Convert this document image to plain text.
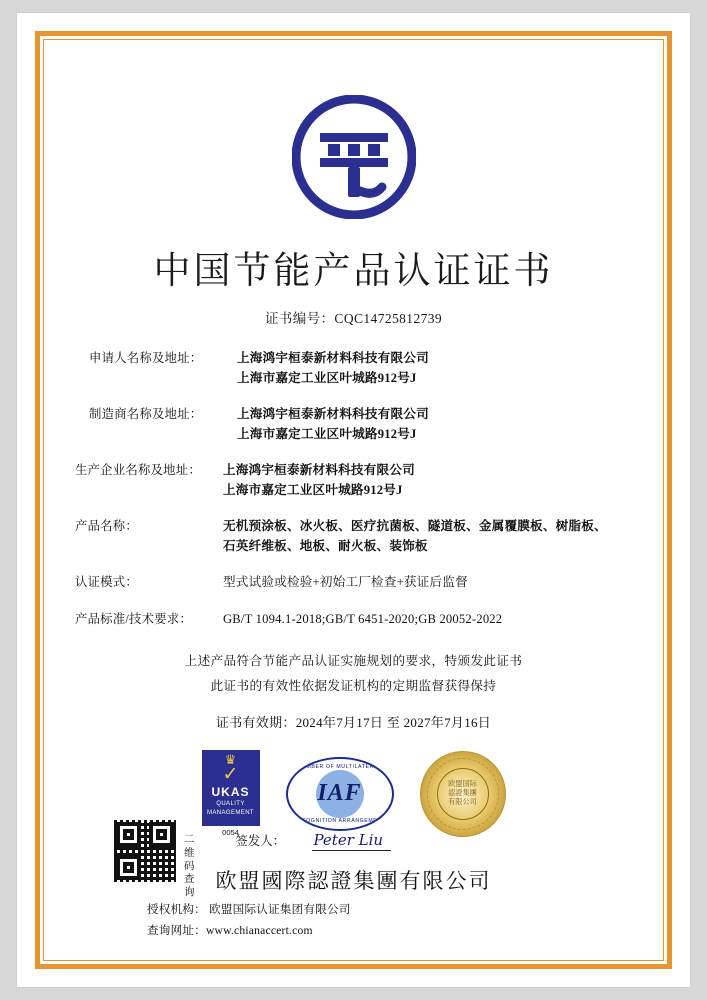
中国节能产品认证证书
证书编号：CQC14725812739
申请人名称及地址：	上海鸿宇桓泰新材料科技有限公司
上海市嘉定工业区叶城路912号J
制造商名称及地址：	上海鸿宇桓泰新材料科技有限公司
上海市嘉定工业区叶城路912号J
生产企业名称及地址：	上海鸿宇桓泰新材料科技有限公司
上海市嘉定工业区叶城路912号J
产品名称：	无机预涂板、冰火板、医疗抗菌板、隧道板、金属覆膜板、树脂板、
石英纤维板、地板、耐火板、装饰板
认证模式：	型式试验或检验+初始工厂检查+获证后监督
产品标准/技术要求：	GB/T 1094.1-2018;GB/T 6451-2020;GB 20052-2022
上述产品符合节能产品认证实施规划的要求，特颁发此证书
此证书的有效性依据发证机构的定期监督获得保持
证书有效期：2024年7月17日 至 2027年7月16日
♛
✓
UKAS
QUALITY
MANAGEMENT
0054
MEMBER OF MULTILATERAL
IAF
RECOGNITION ARRANGEMENT
欧盟国际
認證集團
有限公司
签发人： Peter Liu
欧盟國際認證集團有限公司
二
维
码
查
询
授权机构： 欧盟国际认证集团有限公司
查询网址：www.chianaccert.com
